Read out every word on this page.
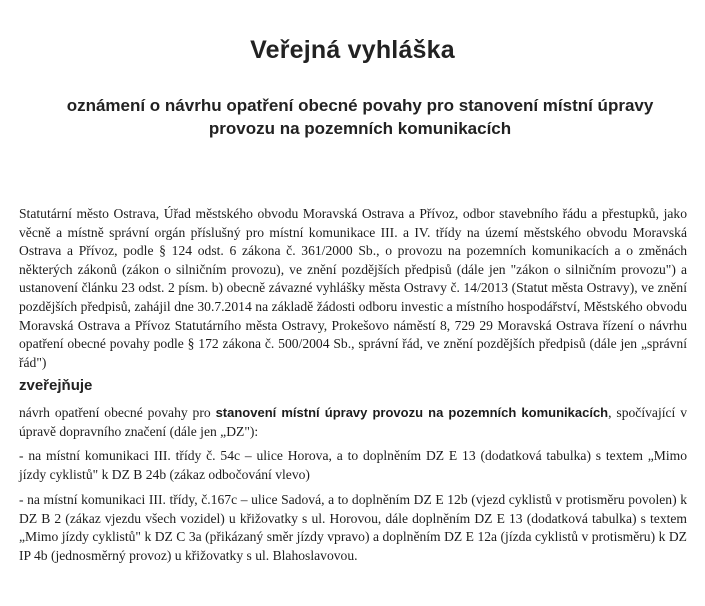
Veřejná vyhláška
oznámení o návrhu opatření obecné povahy pro stanovení místní úpravy provozu na pozemních komunikacích

Statutární město Ostrava, Úřad městského obvodu Moravská Ostrava a Přívoz, odbor stavebního řádu a přestupků, jako věcně a místně správní orgán příslušný pro místní komunikace III. a IV. třídy na území městského obvodu Moravská Ostrava a Přívoz, podle § 124 odst. 6 zákona č. 361/2000 Sb., o provozu na pozemních komunikacích a o změnách některých zákonů (zákon o silničním provozu), ve znění pozdějších předpisů (dále jen "zákon o silničním provozu") a ustanovení článku 23 odst. 2 písm. b) obecně závazné vyhlášky města Ostravy č. 14/2013 (Statut města Ostravy), ve znění pozdějších předpisů, zahájil dne 30.7.2014 na základě žádosti odboru investic a místního hospodářství, Městského obvodu Moravská Ostrava a Přívoz Statutárního města Ostravy, Prokešovo náměstí 8, 729 29 Moravská Ostrava řízení o návrhu opatření obecné povahy podle § 172 zákona č. 500/2004 Sb., správní řád, ve znění pozdějších předpisů (dále jen „správní řád")

zveřejňuje

návrh opatření obecné povahy pro stanovení místní úpravy provozu na pozemních komunikacích, spočívající v úpravě dopravního značení (dále jen „DZ"):

- na místní komunikaci III. třídy č. 54c – ulice Horova, a to doplněním DZ E 13 (dodatková tabulka) s textem „Mimo jízdy cyklistů" k DZ B 24b (zákaz odbočování vlevo)

- na místní komunikaci III. třídy, č.167c – ulice Sadová, a to doplněním DZ E 12b (vjezd cyklistů v protisměru povolen) k DZ B 2 (zákaz vjezdu všech vozidel) u křižovatky s ul. Horovou, dále doplněním DZ E 13 (dodatková tabulka) s textem „Mimo jízdy cyklistů" k DZ C 3a (přikázaný směr jízdy vpravo) a doplněním DZ E 12a (jízda cyklistů v protisměru) k DZ IP 4b (jednosměrný provoz) u křižovatky s ul. Blahoslavovou.
